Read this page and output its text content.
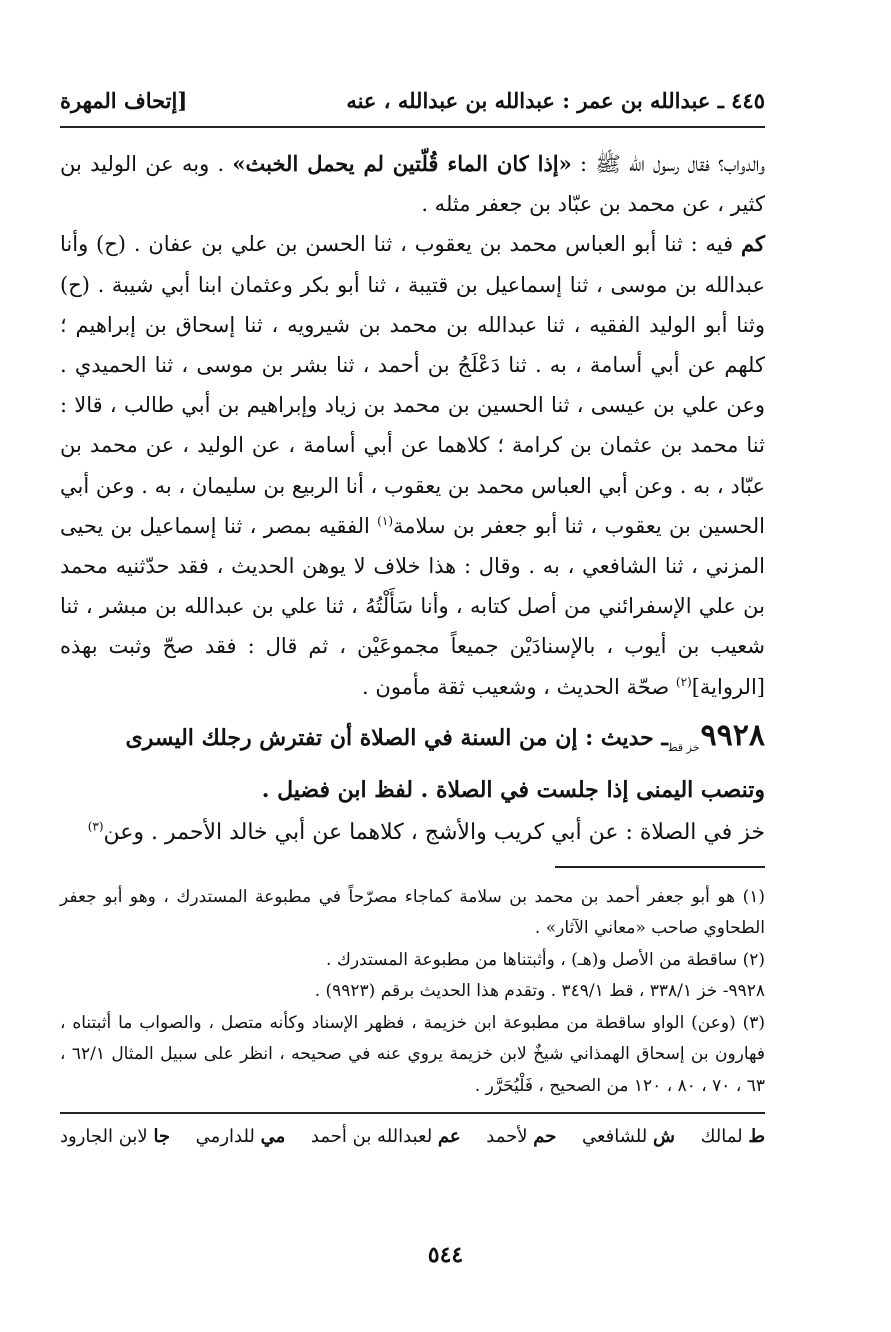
٤٤٥ ـ عبدالله بن عمر : عبدالله بن عبدالله ، عنه
[إتحاف المهرة

والدواب؟ فقال رسول الله ﷺ : «إذا كان الماء قُلّتين لم يحمل الخبث» . وبه عن الوليد بن كثير ، عن محمد بن عبّاد بن جعفر مثله .

كم فيه : ثنا أبو العباس محمد بن يعقوب ، ثنا الحسن بن علي بن عفان . (ح) وأنا عبدالله بن موسى ، ثنا إسماعيل بن قتيبة ، ثنا أبو بكر وعثمان ابنا أبي شيبة . (ح) وثنا أبو الوليد الفقيه ، ثنا عبدالله بن محمد بن شيرويه ، ثنا إسحاق بن إبراهيم ؛ كلهم عن أبي أسامة ، به . ثنا دَعْلَجُ بن أحمد ، ثنا بشر بن موسى ، ثنا الحميدي . وعن علي بن عيسى ، ثنا الحسين بن محمد بن زياد وإبراهيم بن أبي طالب ، قالا : ثنا محمد بن عثمان بن كرامة ؛ كلاهما عن أبي أسامة ، عن الوليد ، عن محمد بن عبّاد ، به . وعن أبي العباس محمد بن يعقوب ، أنا الربيع بن سليمان ، به . وعن أبي الحسين بن يعقوب ، ثنا أبو جعفر بن سلامة$^{(١)}$ الفقيه بمصر ، ثنا إسماعيل بن يحيى المزني ، ثنا الشافعي ، به . وقال : هذا خلاف لا يوهن الحديث ، فقد حدّثنيه محمد بن علي الإسفرائني من أصل كتابه ، وأنا سَأَلْتُهُ ، ثنا علي بن عبدالله بن مبشر ، ثنا شعيب بن أيوب ، بالإسنادَيْن جميعاً مجموعَيْن ، ثم قال : فقد صحّ وثبت بهذه [الرواية]$^{(٢)}$ صحّة الحديث ، وشعيب ثقة مأمون .

$٩٩٢٨_{خز قط}ـ$ حديث : إن من السنة في الصلاة أن تفترش رجلك اليسرى وتنصب اليمنى إذا جلست في الصلاة . لفظ ابن فضيل .
خز في الصلاة : عن أبي كريب والأشج ، كلاهما عن أبي خالد الأحمر . وعن$^{(٣)}$

(١) هو أبو جعفر أحمد بن محمد بن سلامة كماجاء مصرّحاً في مطبوعة المستدرك ، وهو أبو جعفر الطحاوي صاحب «معاني الآثار» .

(٢) ساقطة من الأصل و(هـ) ، وأثبتناها من مطبوعة المستدرك .

٩٩٢٨- خز ٣٣٨/١ ، قط ٣٤٩/١ . وتقدم هذا الحديث برقم (٩٩٢٣) .

(٣) (وعن) الواو ساقطة من مطبوعة ابن خزيمة ، فظهر الإسناد وكأنه متصل ، والصواب ما أثبتناه ، فهارون بن إسحاق الهمذاني شيخٌ لابن خزيمة يروي عنه في صحيحه ، انظر على سبيل المثال ٦٢/١ ، ٦٣ ، ٧٠ ، ٨٠ ، ١٢٠ من الصحيح ، فَلْيُحَرَّر .

ط لمالك
ش للشافعي
حم لأحمد
عم لعبدالله بن أحمد
مي للدارمي
جا لابن الجارود
٥٤٤
